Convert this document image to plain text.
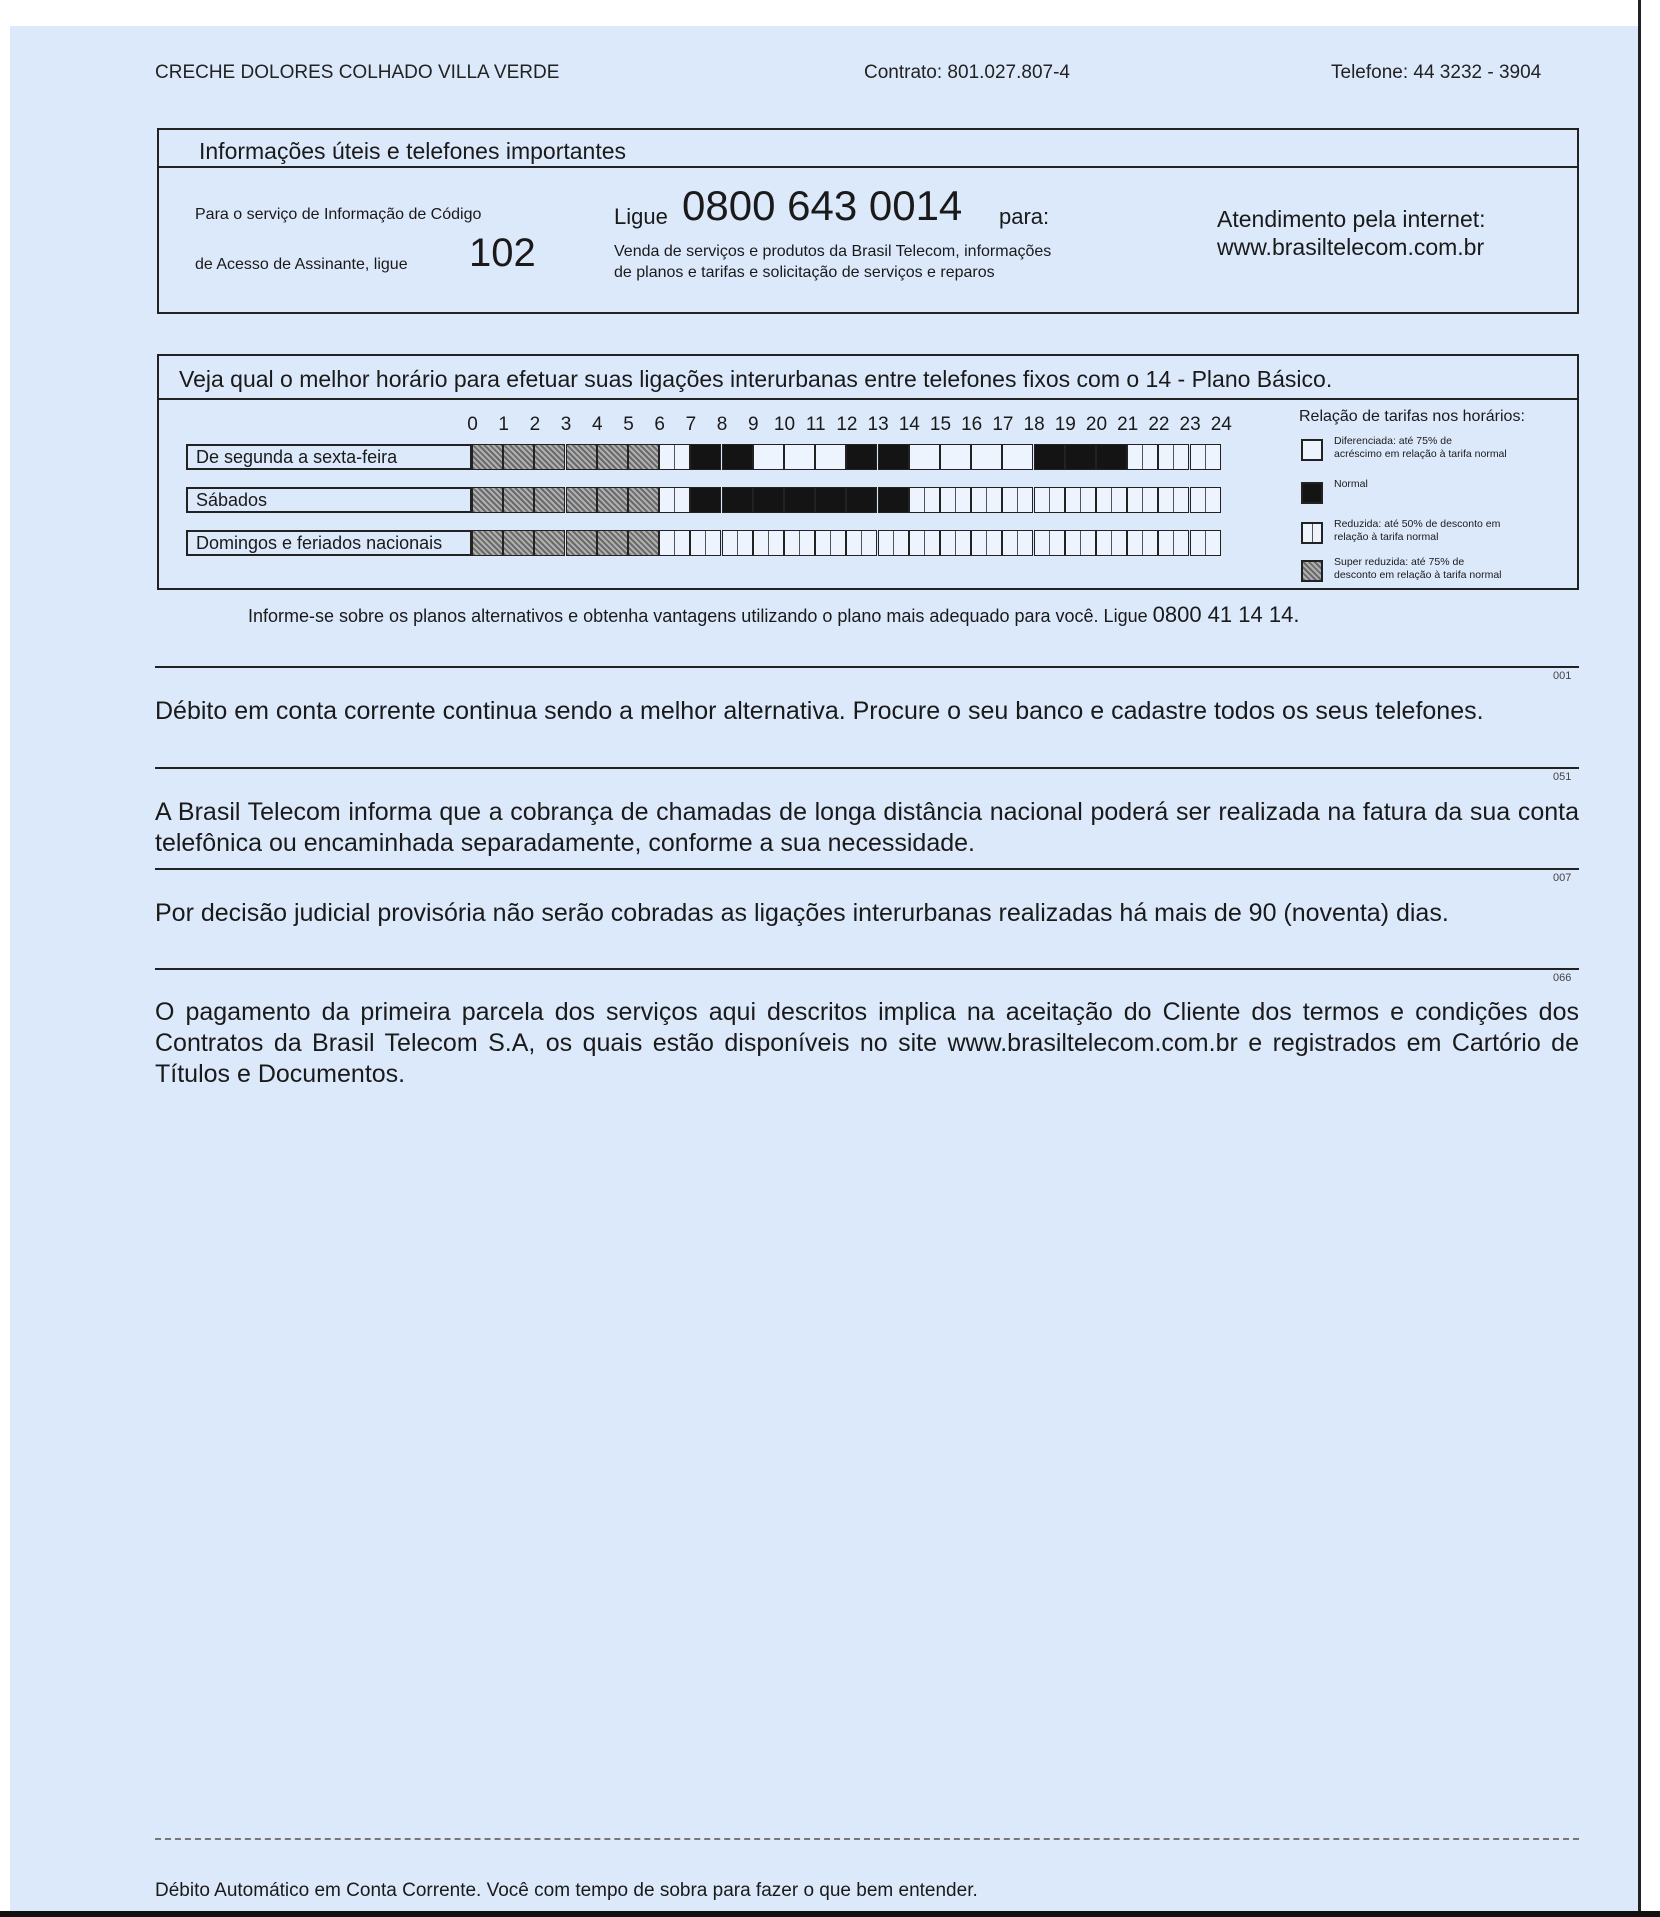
CRECHE DOLORES COLHADO VILLA VERDE	Contrato: 801.027.807-4	Telefone: 44 3232 - 3904
Informações úteis e telefones importantes
Para o serviço de Informação de Código
de Acesso de Assinante, ligue 102
Ligue 0800 643 0014 para:
Venda de serviços e produtos da Brasil Telecom, informações
de planos e tarifas e solicitação de serviços e reparos
Atendimento pela internet:
www.brasiltelecom.com.br
Veja qual o melhor horário para efetuar suas ligações interurbanas entre telefones fixos com o 14 - Plano Básico.
0	1	2	3	4	5	6	7	8	9 10 11 12 13 14 15 16 17 18 19 20 21 22 23 24
De segunda a sexta-feira
Sábados
Domingos e feriados nacionais
Relação de tarifas nos horários:
Diferenciada: até 75% de
acréscimo em relação à tarifa normal
Normal
Reduzida: até 50% de desconto em
relação à tarifa normal
Super reduzida: até 75% de
desconto em relação à tarifa normal
Informe-se sobre os planos alternativos e obtenha vantagens utilizando o plano mais adequado para você. Ligue 0800 41 14 14.
001
Débito em conta corrente continua sendo a melhor alternativa. Procure o seu banco e cadastre todos os seus telefones.
051
A Brasil Telecom informa que a cobrança de chamadas de longa distância nacional poderá ser realizada na fatura da sua conta telefônica ou encaminhada separadamente, conforme a sua necessidade.
007
Por decisão judicial provisória não serão cobradas as ligações interurbanas realizadas há mais de 90 (noventa) dias.
066
O pagamento da primeira parcela dos serviços aqui descritos implica na aceitação do Cliente dos termos e condições dos Contratos da Brasil Telecom S.A, os quais estão disponíveis no site www.brasiltelecom.com.br e registrados em Cartório de Títulos e Documentos.
Débito Automático em Conta Corrente. Você com tempo de sobra para fazer o que bem entender.
